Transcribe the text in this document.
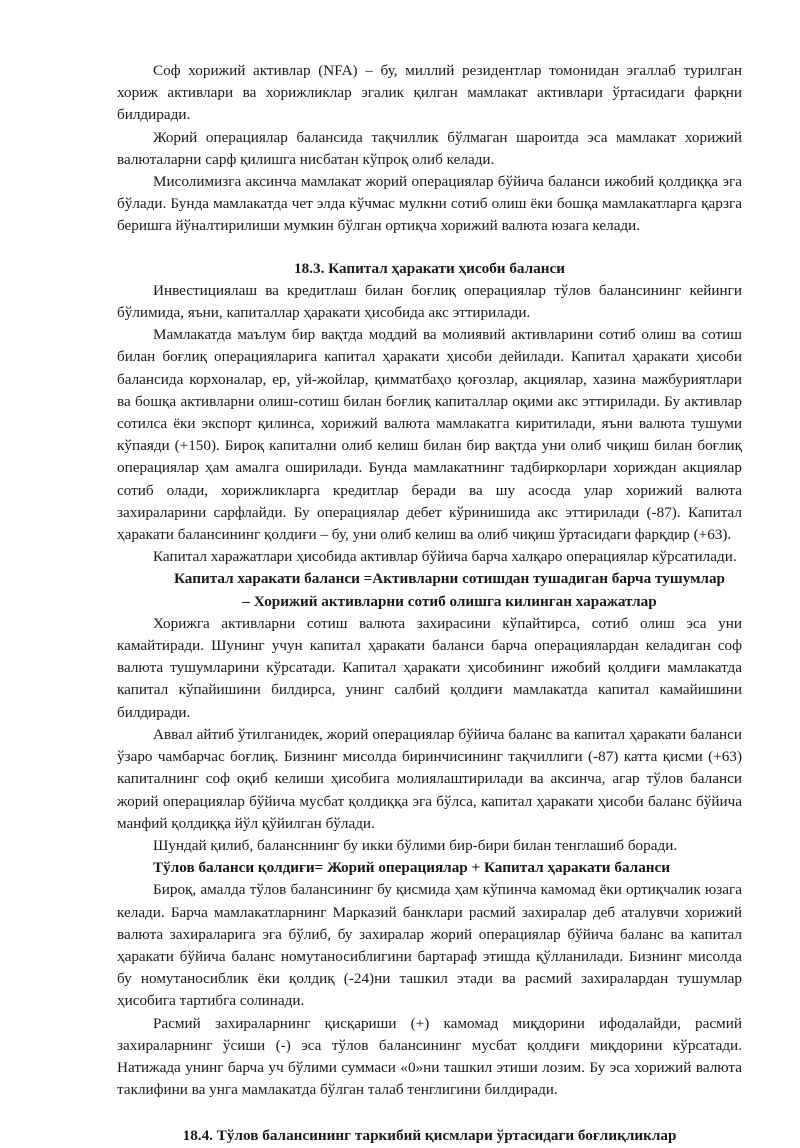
Соф хорижий активлар (NFA) – бу, миллий резидентлар томонидан эгаллаб турилган хориж активлари ва хорижликлар эгалик қилган мамлакат активлари ўртасидаги фарқни билдиради.

Жорий операциялар балансида тақчиллик бўлмаган шароитда эса мамлакат хорижий валюталарни сарф қилишга нисбатан кўпроқ олиб келади.

Мисолимизга аксинча мамлакат жорий операциялар бўйича баланси ижобий қолдиққа эга бўлади. Бунда мамлакатда чет элда кўчмас мулкни сотиб олиш ёки бошқа мамлакатларга қарзга беришга йўналтирилиши мумкин бўлган ортиқча хорижий валюта юзага келади.

18.3. Капитал ҳаракати ҳисоби баланси

Инвестициялаш ва кредитлаш билан боғлиқ операциялар тўлов балансининг кейинги бўлимида, яъни, капиталлар ҳаракати ҳисобида акс эттирилади.

Мамлакатда маълум бир вақтда моддий ва молиявий активларини сотиб олиш ва сотиш билан боғлиқ операцияларига капитал ҳаракати ҳисоби дейилади. Капитал ҳаракати ҳисоби балансида корхоналар, ер, уй-жойлар, қимматбаҳо қоғозлар, акциялар, хазина мажбуриятлари ва бошқа активларни олиш-сотиш билан боғлиқ капиталлар оқими акс эттирилади. Бу активлар сотилса ёки экспорт қилинса, хорижий валюта мамлакатга киритилади, яъни валюта тушуми кўпаяди (+150). Бироқ капитални олиб келиш билан бир вақтда уни олиб чиқиш билан боғлиқ операциялар ҳам амалга оширилади. Бунда мамлакатнинг тадбиркорлари хориждан акциялар сотиб олади, хорижликларга кредитлар беради ва шу асосда улар хорижий валюта захираларини сарфлайди. Бу операциялар дебет кўринишида акс эттирилади (-87). Капитал ҳаракати балансининг қолдиғи – бу, уни олиб келиш ва олиб чиқиш ўртасидаги фарқдир (+63).

Капитал харажатлари ҳисобида активлар бўйича барча халқаро операциялар кўрсатилади.

Капитал харакати баланси =Активларни сотишдан тушадиган барча тушумлар

– Хорижий активларни сотиб олишга килинган харажатлар

Хорижга активларни сотиш валюта захирасини кўпайтирса, сотиб олиш эса уни камайтиради. Шунинг учун капитал ҳаракати баланси барча операциялардан келадиган соф валюта тушумларини кўрсатади. Капитал ҳаракати ҳисобининг ижобий қолдиғи мамлакатда капитал кўпайишини билдирса, унинг салбий қолдиғи мамлакатда капитал камайишини билдиради.

Аввал айтиб ўтилганидек, жорий операциялар бўйича баланс ва капитал ҳаракати баланси ўзаро чамбарчас боғлиқ. Бизнинг мисолда биринчисининг тақчиллиги (-87) катта қисми (+63) капиталнинг соф оқиб келиши ҳисобига молиялаштирилади ва аксинча, агар тўлов баланси жорий операциялар бўйича мусбат қолдиққа эга бўлса, капитал ҳаракати ҳисоби баланс бўйича манфий қолдиққа йўл қўйилган бўлади.

Шундай қилиб, балансннинг бу икки бўлими бир-бири билан тенглашиб боради.

Тўлов баланси қолдиғи= Жорий операциялар + Капитал ҳаракати баланси

Бироқ, амалда тўлов балансининг бу қисмида ҳам кўпинча камомад ёки ортиқчалик юзага келади. Барча мамлакатларнинг Марказий банклари расмий захиралар деб аталувчи хорижий валюта захираларига эга бўлиб, бу захиралар жорий операциялар бўйича баланс ва капитал ҳаракати бўйича баланс номутаносиблигини бартараф этишда қўлланилади. Бизнинг мисолда бу номутаносиблик ёки қолдиқ (-24)ни ташкил этади ва расмий захиралардан тушумлар ҳисобига тартибга солинади.

Расмий захираларнинг қисқариши (+) камомад миқдорини ифодалайди, расмий захираларнинг ўсиши (-) эса тўлов балансининг мусбат қолдиғи миқдорини кўрсатади. Натижада унинг барча уч бўлими суммаси «0»ни ташкил этиши лозим. Бу эса хорижий валюта таклифини ва унга мамлакатда бўлган талаб тенглигини билдиради.

18.4. Тўлов балансининг таркибий қисмлари ўртасидаги боғлиқликлар
